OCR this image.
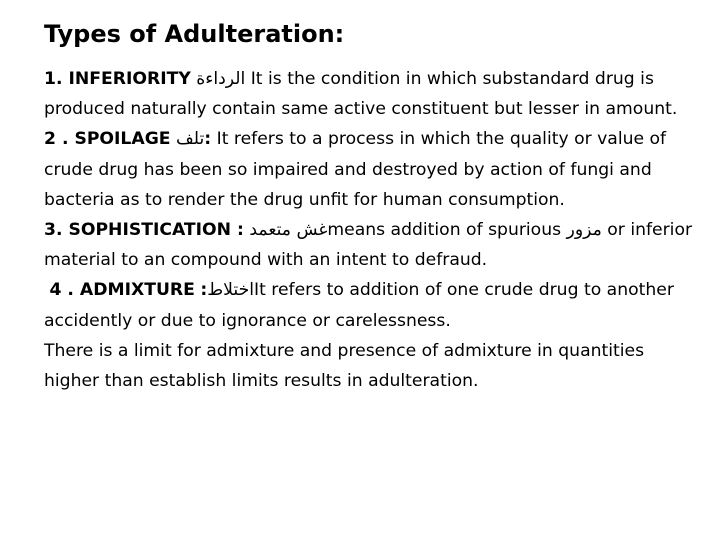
Types of Adulteration:

1. INFERIORITY الرداءة It is the condition in which substandard drug is produced naturally contain same active constituent but lesser in amount.

2 . SPOILAGE تلف: It refers to a process in which the quality or value of crude drug has been so impaired and destroyed by action of fungi and bacteria as to render the drug unfit for human consumption.

3. SOPHISTICATION : غش متعمدmeans addition of spurious مزور or inferior material to an compound with an intent to defraud.

4 . ADMIXTURE :اختلاطIt refers to addition of one crude drug to another accidently or due to ignorance or carelessness.

There is a limit for admixture and presence of admixture in quantities higher than establish limits results in adulteration.
